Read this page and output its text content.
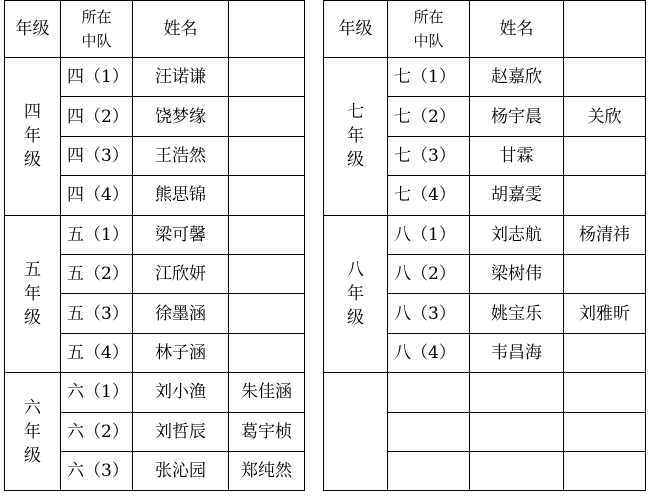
年级	所在中队	姓名	
四年级	四（1）	汪诺谦	
	四（2）	饶梦缘	
	四（3）	王浩然	
	四（4）	熊思锦	
五年级	五（1）	梁可馨	
	五（2）	江欣妍	
	五（3）	徐墨涵	
	五（4）	林子涵	
六年级	六（1）	刘小渔	朱佳涵
	六（2）	刘哲辰	葛宇桢
	六（3）	张沁园	郑纯然
年级	所在中队	姓名	
七年级	七（1）	赵嘉欣	
	七（2）	杨宇晨	关欣
	七（3）	甘霖	
	七（4）	胡嘉雯	
八年级	八（1）	刘志航	杨清祎
	八（2）	梁树伟	
	八（3）	姚宝乐	刘雅昕
	八（4）	韦昌海	
